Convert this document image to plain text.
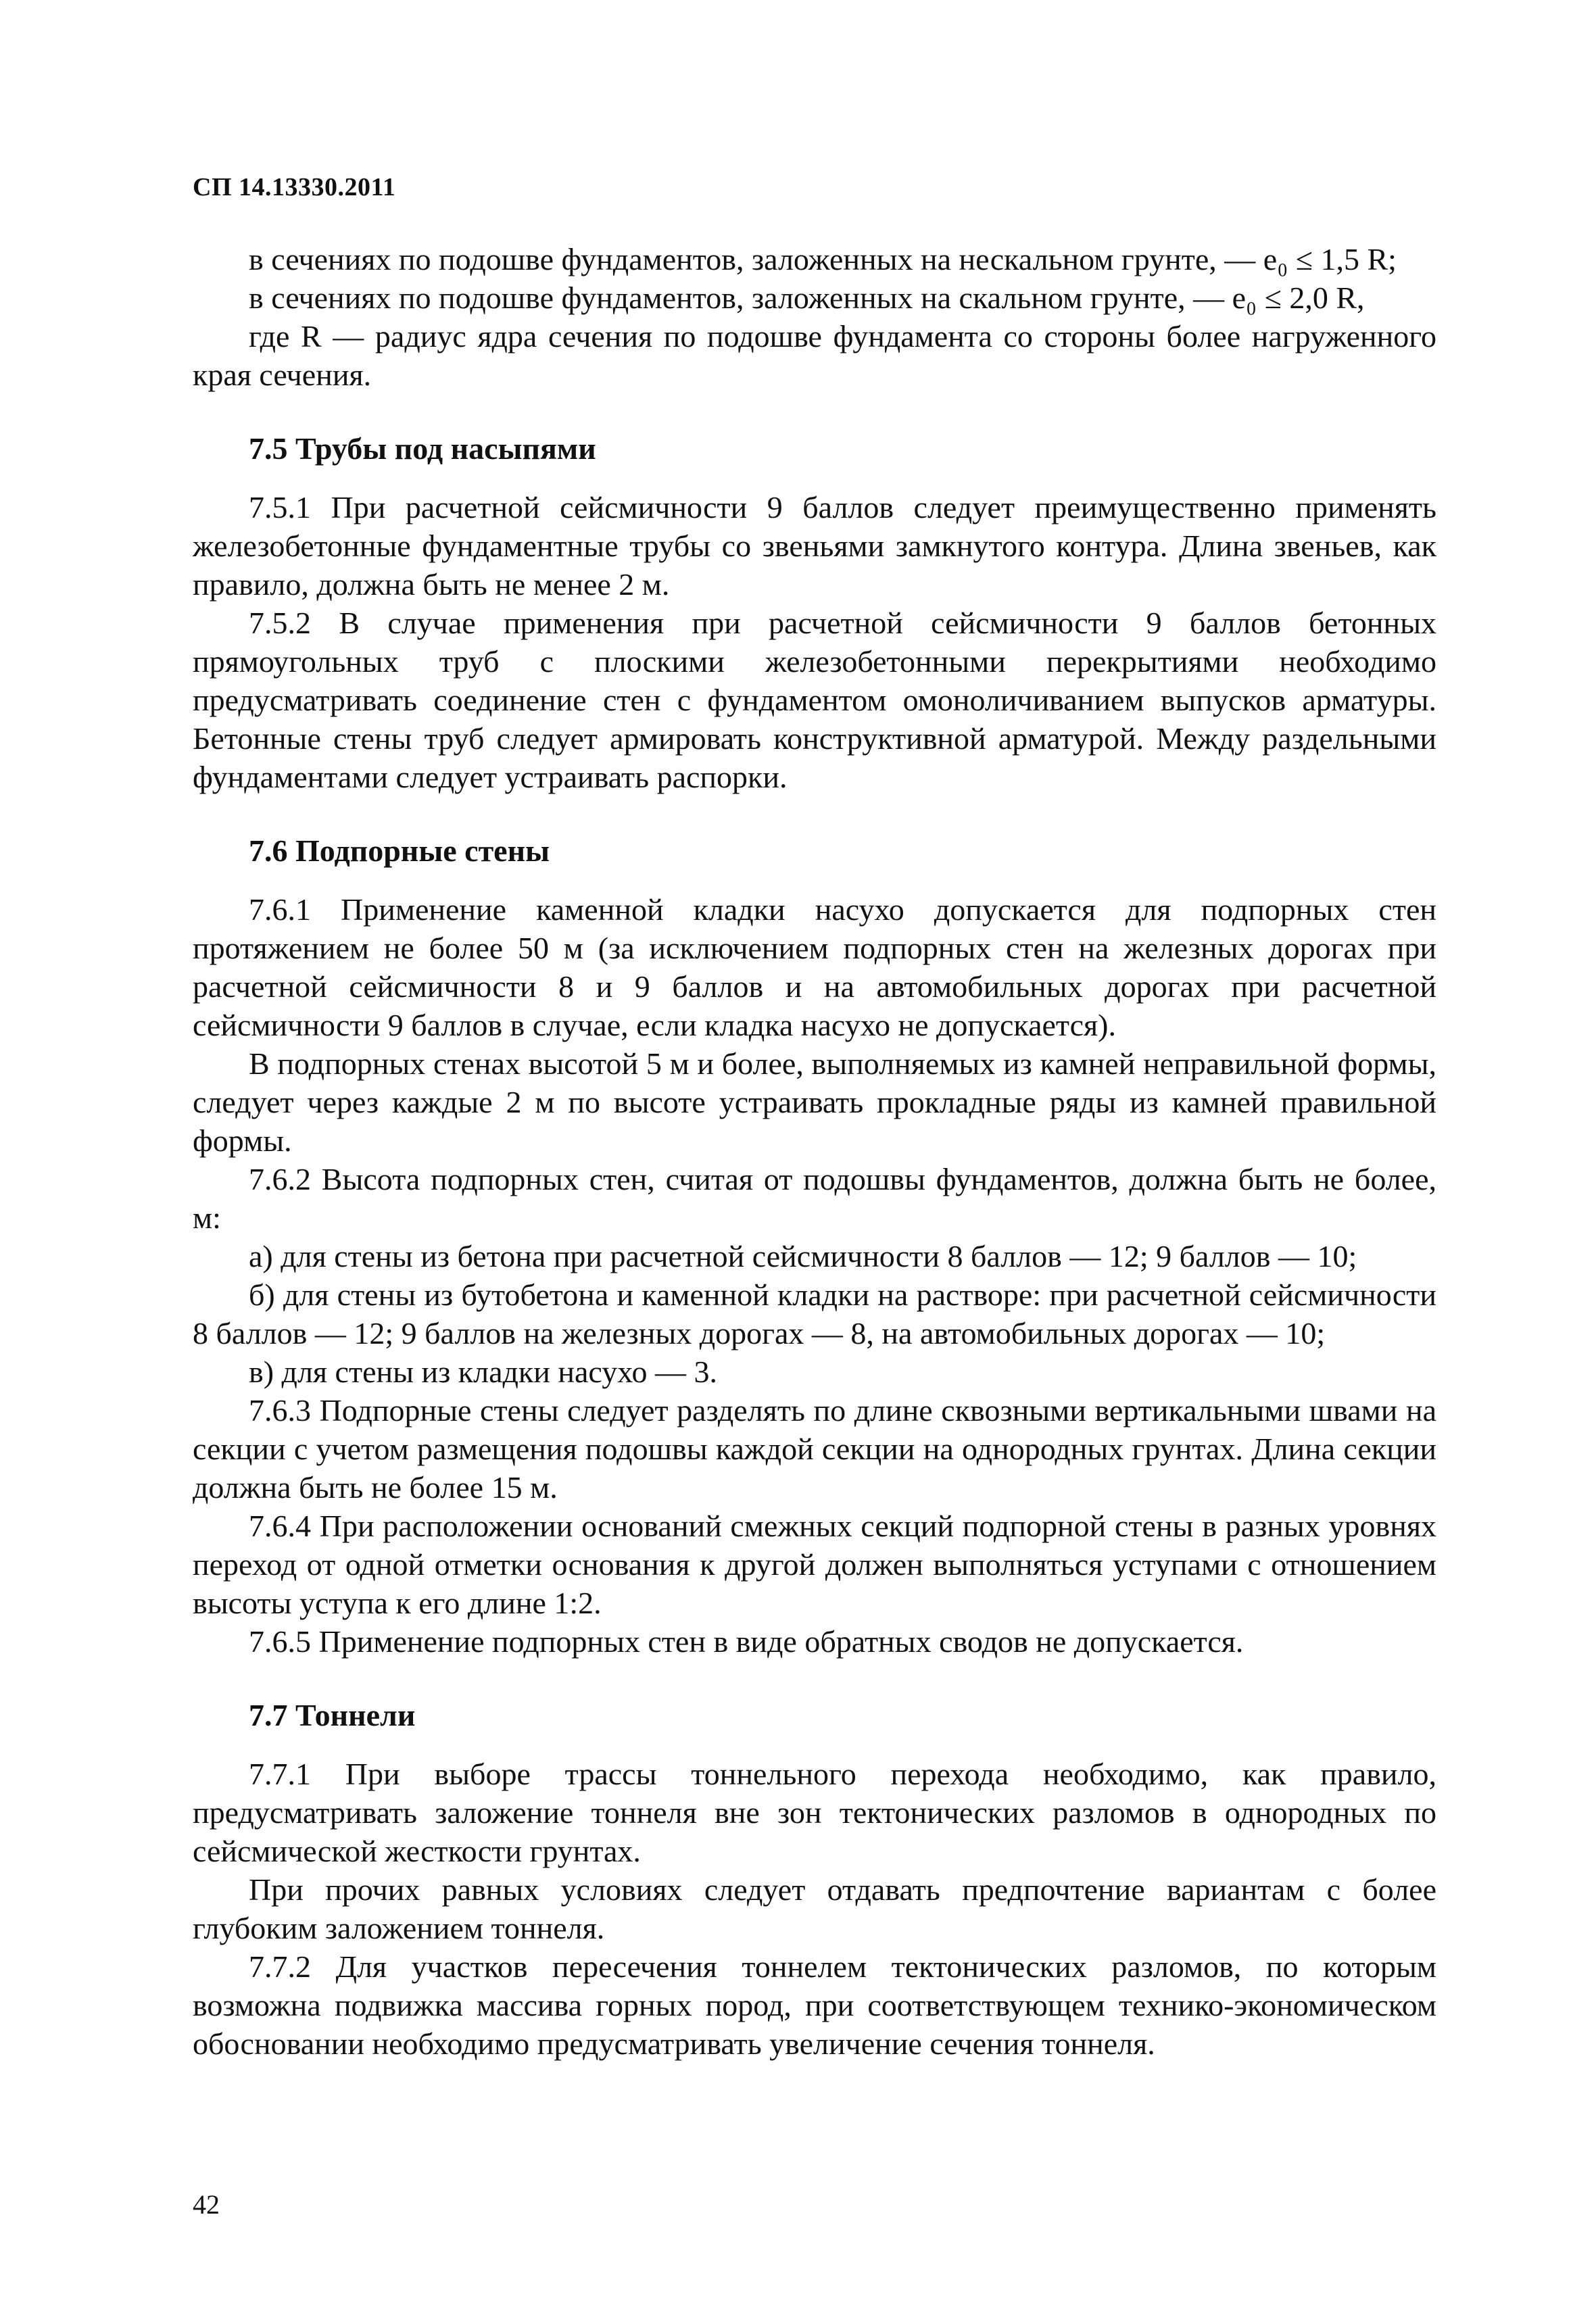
СП 14.13330.2011

в сечениях по подошве фундаментов, заложенных на нескальном грунте, — e₀ ≤ 1,5 R;

в сечениях по подошве фундаментов, заложенных на скальном грунте, — e₀ ≤ 2,0 R,

где R — радиус ядра сечения по подошве фундамента со стороны более нагруженного края сечения.

7.5 Трубы под насыпями

7.5.1 При расчетной сейсмичности 9 баллов следует преимущественно применять железобетонные фундаментные трубы со звеньями замкнутого контура. Длина звеньев, как правило, должна быть не менее 2 м.

7.5.2 В случае применения при расчетной сейсмичности 9 баллов бетонных прямоугольных труб с плоскими железобетонными перекрытиями необходимо предусматривать соединение стен с фундаментом омоноличиванием выпусков арматуры. Бетонные стены труб следует армировать конструктивной арматурой. Между раздельными фундаментами следует устраивать распорки.

7.6 Подпорные стены

7.6.1 Применение каменной кладки насухо допускается для подпорных стен протяжением не более 50 м (за исключением подпорных стен на железных дорогах при расчетной сейсмичности 8 и 9 баллов и на автомобильных дорогах при расчетной сейсмичности 9 баллов в случае, если кладка насухо не допускается).

В подпорных стенах высотой 5 м и более, выполняемых из камней неправильной формы, следует через каждые 2 м по высоте устраивать прокладные ряды из камней правильной формы.

7.6.2 Высота подпорных стен, считая от подошвы фундаментов, должна быть не более, м:

а) для стены из бетона при расчетной сейсмичности 8 баллов — 12; 9 баллов — 10;

б) для стены из бутобетона и каменной кладки на растворе: при расчетной сейсмичности 8 баллов — 12; 9 баллов на железных дорогах — 8, на автомобильных дорогах — 10;

в) для стены из кладки насухо — 3.

7.6.3 Подпорные стены следует разделять по длине сквозными вертикальными швами на секции с учетом размещения подошвы каждой секции на однородных грунтах. Длина секции должна быть не более 15 м.

7.6.4 При расположении оснований смежных секций подпорной стены в разных уровнях переход от одной отметки основания к другой должен выполняться уступами с отношением высоты уступа к его длине 1:2.

7.6.5 Применение подпорных стен в виде обратных сводов не допускается.

7.7 Тоннели

7.7.1 При выборе трассы тоннельного перехода необходимо, как правило, предусматривать заложение тоннеля вне зон тектонических разломов в однородных по сейсмической жесткости грунтах.

При прочих равных условиях следует отдавать предпочтение вариантам с более глубоким заложением тоннеля.

7.7.2 Для участков пересечения тоннелем тектонических разломов, по которым возможна подвижка массива горных пород, при соответствующем технико-экономическом обосновании необходимо предусматривать увеличение сечения тоннеля.

42
